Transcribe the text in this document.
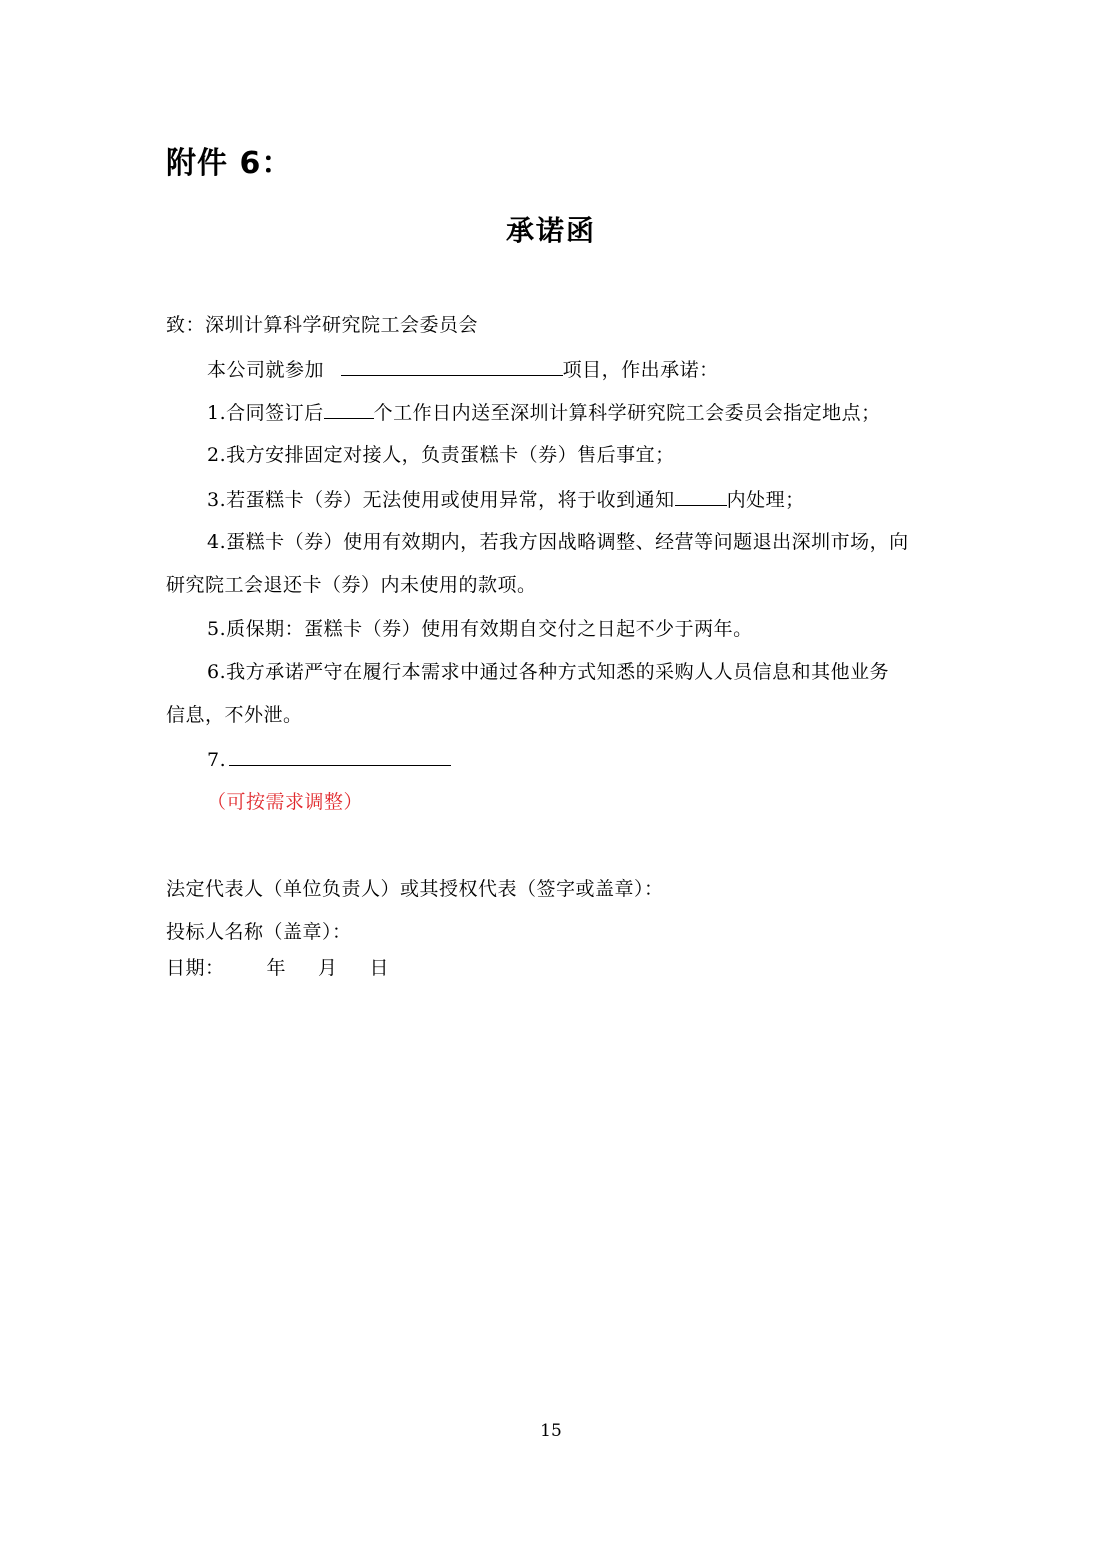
附件 6：
承诺函
致：深圳计算科学研究院工会委员会
本公司就参加	项目，作出承诺：
1.合同签订后	个工作日内送至深圳计算科学研究院工会委员会指定地点；
2.我方安排固定对接人，负责蛋糕卡（券）售后事宜；
3.若蛋糕卡（券）无法使用或使用异常，将于收到通知	内处理；
4.蛋糕卡（券）使用有效期内，若我方因战略调整、经营等问题退出深圳市场，向
研究院工会退还卡（券）内未使用的款项。
5.质保期：蛋糕卡（券）使用有效期自交付之日起不少于两年。
6.我方承诺严守在履行本需求中通过各种方式知悉的采购人人员信息和其他业务
信息，不外泄。
7.
（可按需求调整）
法定代表人（单位负责人）或其授权代表（签字或盖章）：
投标人名称（盖章）：
日期： 年 月 日
15
